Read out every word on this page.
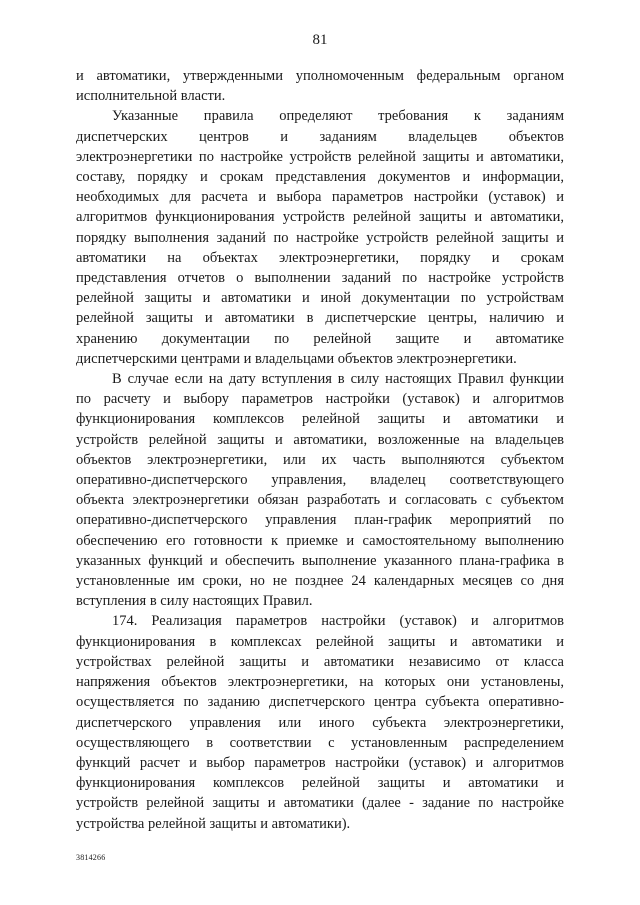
81

и автоматики, утвержденными уполномоченным федеральным органом
исполнительной власти.

Указанные правила определяют требования к заданиям
диспетчерских центров и заданиям владельцев объектов
электроэнергетики по настройке устройств релейной защиты и автоматики,
составу, порядку и срокам представления документов и информации,
необходимых для расчета и выбора параметров настройки (уставок) и
алгоритмов функционирования устройств релейной защиты и автоматики,
порядку выполнения заданий по настройке устройств релейной защиты и
автоматики на объектах электроэнергетики, порядку и срокам
представления отчетов о выполнении заданий по настройке устройств
релейной защиты и автоматики и иной документации по устройствам
релейной защиты и автоматики в диспетчерские центры, наличию и
хранению документации по релейной защите и автоматике
диспетчерскими центрами и владельцами объектов электроэнергетики.

В случае если на дату вступления в силу настоящих Правил функции
по расчету и выбору параметров настройки (уставок) и алгоритмов
функционирования комплексов релейной защиты и автоматики и
устройств релейной защиты и автоматики, возложенные на владельцев
объектов электроэнергетики, или их часть выполняются субъектом
оперативно-диспетчерского управления, владелец соответствующего
объекта электроэнергетики обязан разработать и согласовать с субъектом
оперативно-диспетчерского управления план-график мероприятий по
обеспечению его готовности к приемке и самостоятельному выполнению
указанных функций и обеспечить выполнение указанного плана-графика в
установленные им сроки, но не позднее 24 календарных месяцев со дня
вступления в силу настоящих Правил.

174. Реализация параметров настройки (уставок) и алгоритмов
функционирования в комплексах релейной защиты и автоматики и
устройствах релейной защиты и автоматики независимо от класса
напряжения объектов электроэнергетики, на которых они установлены,
осуществляется по заданию диспетчерского центра субъекта оперативно-
диспетчерского управления или иного субъекта электроэнергетики,
осуществляющего в соответствии с установленным распределением
функций расчет и выбор параметров настройки (уставок) и алгоритмов
функционирования комплексов релейной защиты и автоматики и
устройств релейной защиты и автоматики (далее - задание по настройке
устройства релейной защиты и автоматики).

3814266
